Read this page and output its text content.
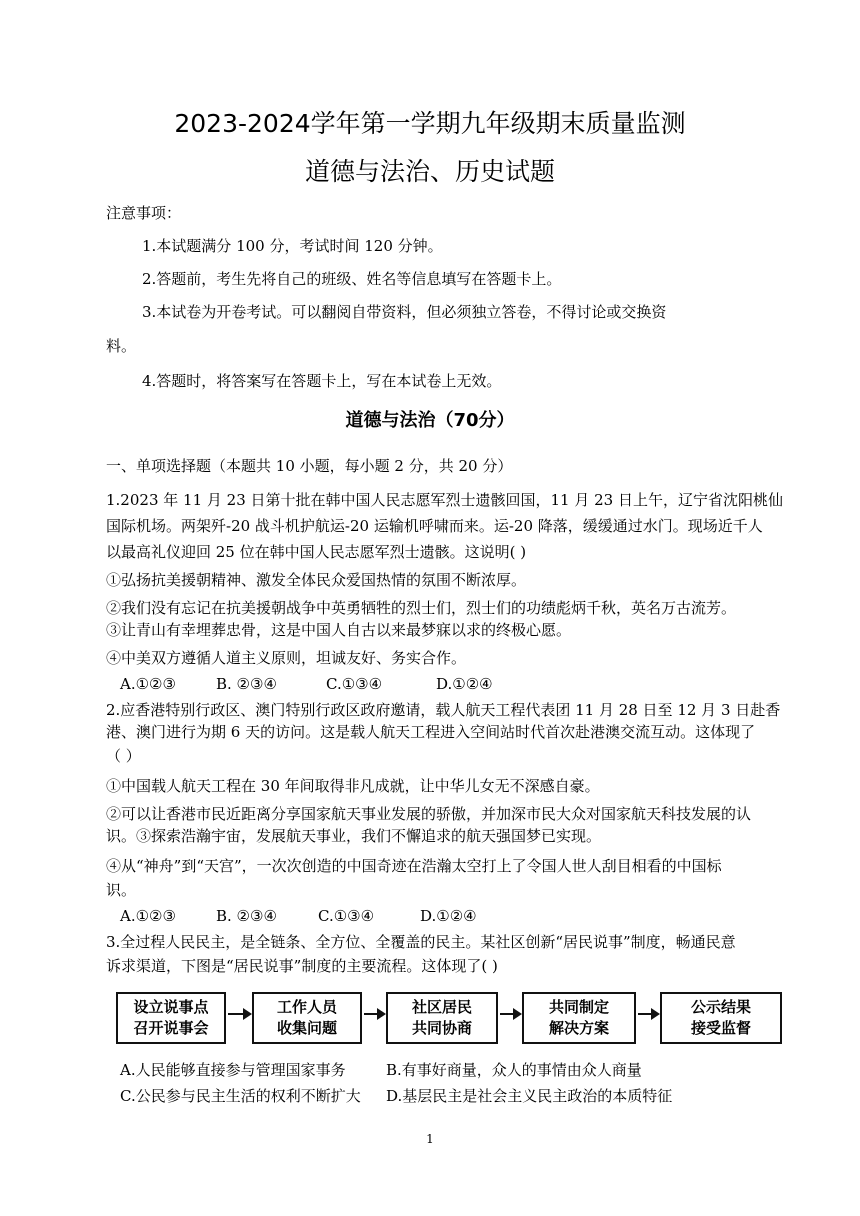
2023-2024学年第一学期九年级期末质量监测
道德与法治、历史试题
注意事项：
1.本试题满分 100 分，考试时间 120 分钟。
2.答题前，考生先将自己的班级、姓名等信息填写在答题卡上。
3.本试卷为开卷考试。可以翻阅自带资料，但必须独立答卷，不得讨论或交换资
料。
4.答题时，将答案写在答题卡上，写在本试卷上无效。
道德与法治（70分）
一、单项选择题（本题共 10 小题，每小题 2 分，共 20 分）
1.2023 年 11 月 23 日第十批在韩中国人民志愿军烈士遗骸回国，11 月 23 日上午，辽宁省沈阳桃仙
国际机场。两架歼-20 战斗机护航运-20 运输机呼啸而来。运-20 降落，缓缓通过水门。现场近千人
以最高礼仪迎回 25 位在韩中国人民志愿军烈士遗骸。这说明( )
①弘扬抗美援朝精神、激发全体民众爱国热情的氛围不断浓厚。
②我们没有忘记在抗美援朝战争中英勇牺牲的烈士们，烈士们的功绩彪炳千秋，英名万古流芳。
③让青山有幸埋葬忠骨，这是中国人自古以来最梦寐以求的终极心愿。
④中美双方遵循人道主义原则，坦诚友好、务实合作。
A.①②③	B. ②③④	C.①③④	D.①②④
2.应香港特别行政区、澳门特别行政区政府邀请，载人航天工程代表团 11 月 28 日至 12 月 3 日赴香
港、澳门进行为期 6 天的访问。这是载人航天工程进入空间站时代首次赴港澳交流互动。这体现了
（ ）
①中国载人航天工程在 30 年间取得非凡成就，让中华儿女无不深感自豪。
②可以让香港市民近距离分享国家航天事业发展的骄傲，并加深市民大众对国家航天科技发展的认
识。③探索浩瀚宇宙，发展航天事业，我们不懈追求的航天强国梦已实现。
④从“神舟”到“天宫”，一次次创造的中国奇迹在浩瀚太空打上了令国人世人刮目相看的中国标
识。
A.①②③	B. ②③④	C.①③④	D.①②④
3.全过程人民民主，是全链条、全方位、全覆盖的民主。某社区创新“居民说事”制度，畅通民意
诉求渠道，下图是“居民说事”制度的主要流程。这体现了( )
设立说事点
召开说事会
工作人员
收集问题
社区居民
共同协商
共同制定
解决方案
公示结果
接受监督
A.人民能够直接参与管理国家事务	B.有事好商量，众人的事情由众人商量
C.公民参与民主生活的权利不断扩大 D.基层民主是社会主义民主政治的本质特征
1
